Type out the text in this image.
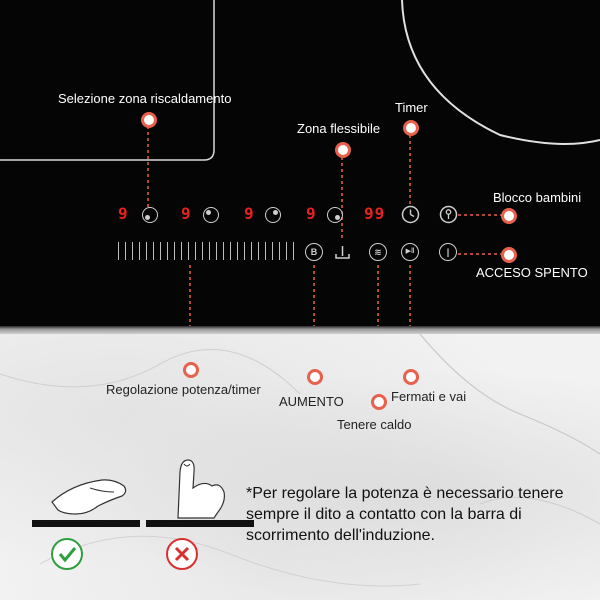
Selezione zona riscaldamento
Zona flessibile
Timer
Blocco bambini
ACCESO SPENTO
9	9	9	9	99
B	≋	▶‖	|
Regolazione potenza/timer
AUMENTO
Tenere caldo
Fermati e vai
*Per regolare la potenza è necessario tenere sempre il dito a contatto con la barra di scorrimento dell'induzione.
